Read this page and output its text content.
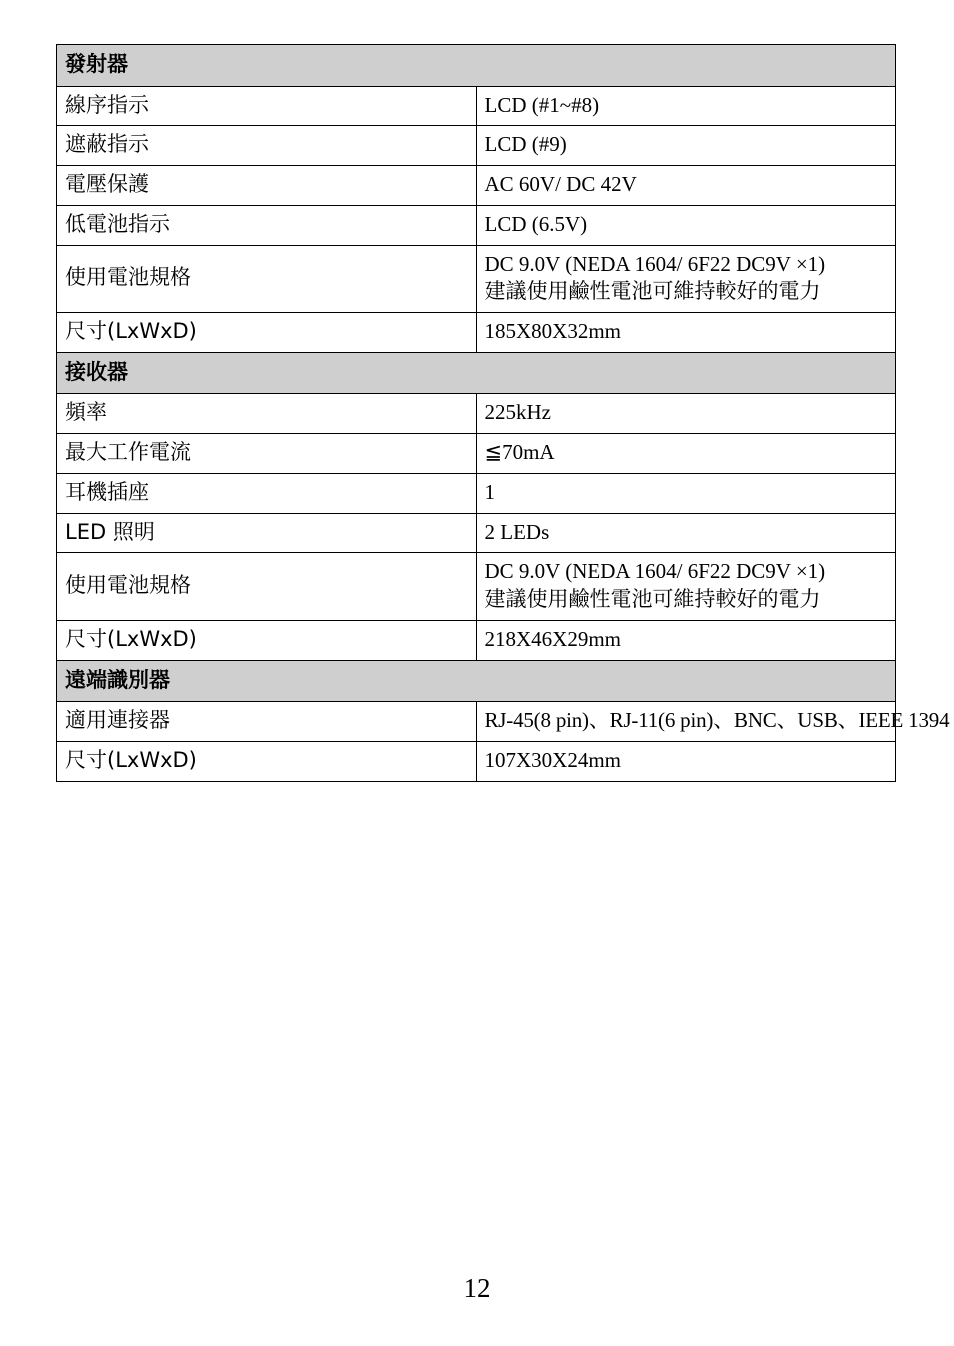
發射器	
線序指示	LCD (#1~#8)
遮蔽指示	LCD (#9)
電壓保護	AC 60V/ DC 42V
低電池指示	LCD (6.5V)
使用電池規格	DC 9.0V (NEDA 1604/ 6F22 DC9V ×1)
建議使用鹼性電池可維持較好的電力

尺寸(LxWxD)	185X80X32mm
接收器	
頻率	225kHz
最大工作電流	≦70mA
耳機插座	1
LED 照明	2 LEDs
使用電池規格	DC 9.0V (NEDA 1604/ 6F22 DC9V ×1)
建議使用鹼性電池可維持較好的電力

尺寸(LxWxD)	218X46X29mm
遠端識別器	
適用連接器	RJ-45(8 pin)、RJ-11(6 pin)、BNC、USB、IEEE 1394
尺寸(LxWxD)	107X30X24mm
12
